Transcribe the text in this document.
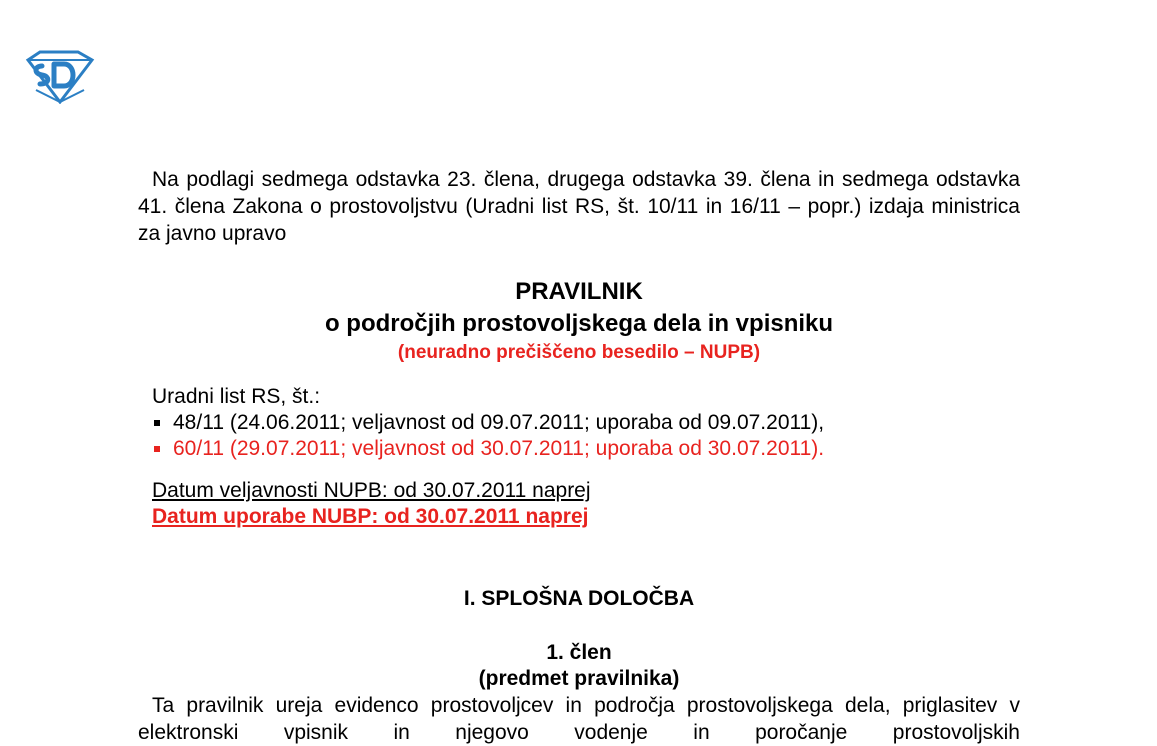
Na podlagi sedmega odstavka 23. člena, drugega odstavka 39. člena in sedmega odstavka 41. člena Zakona o prostovoljstvu (Uradni list RS, št. 10/11 in 16/11 – popr.) izdaja ministrica za javno upravo

PRAVILNIK
o področjih prostovoljskega dela in vpisniku
(neuradno prečiščeno besedilo – NUPB)
Uradni list RS, št.:
48/11 (24.06.2011; veljavnost od 09.07.2011; uporaba od 09.07.2011),
60/11 (29.07.2011; veljavnost od 30.07.2011; uporaba od 30.07.2011).
Datum veljavnosti NUPB: od 30.07.2011 naprej
Datum uporabe NUBP: od 30.07.2011 naprej
I. SPLOŠNA DOLOČBA
1. člen
(predmet pravilnika)

Ta pravilnik ureja evidenco prostovoljcev in področja prostovoljskega dela, priglasitev v elektronski vpisnik in njegovo vodenje in poročanje prostovoljskih
